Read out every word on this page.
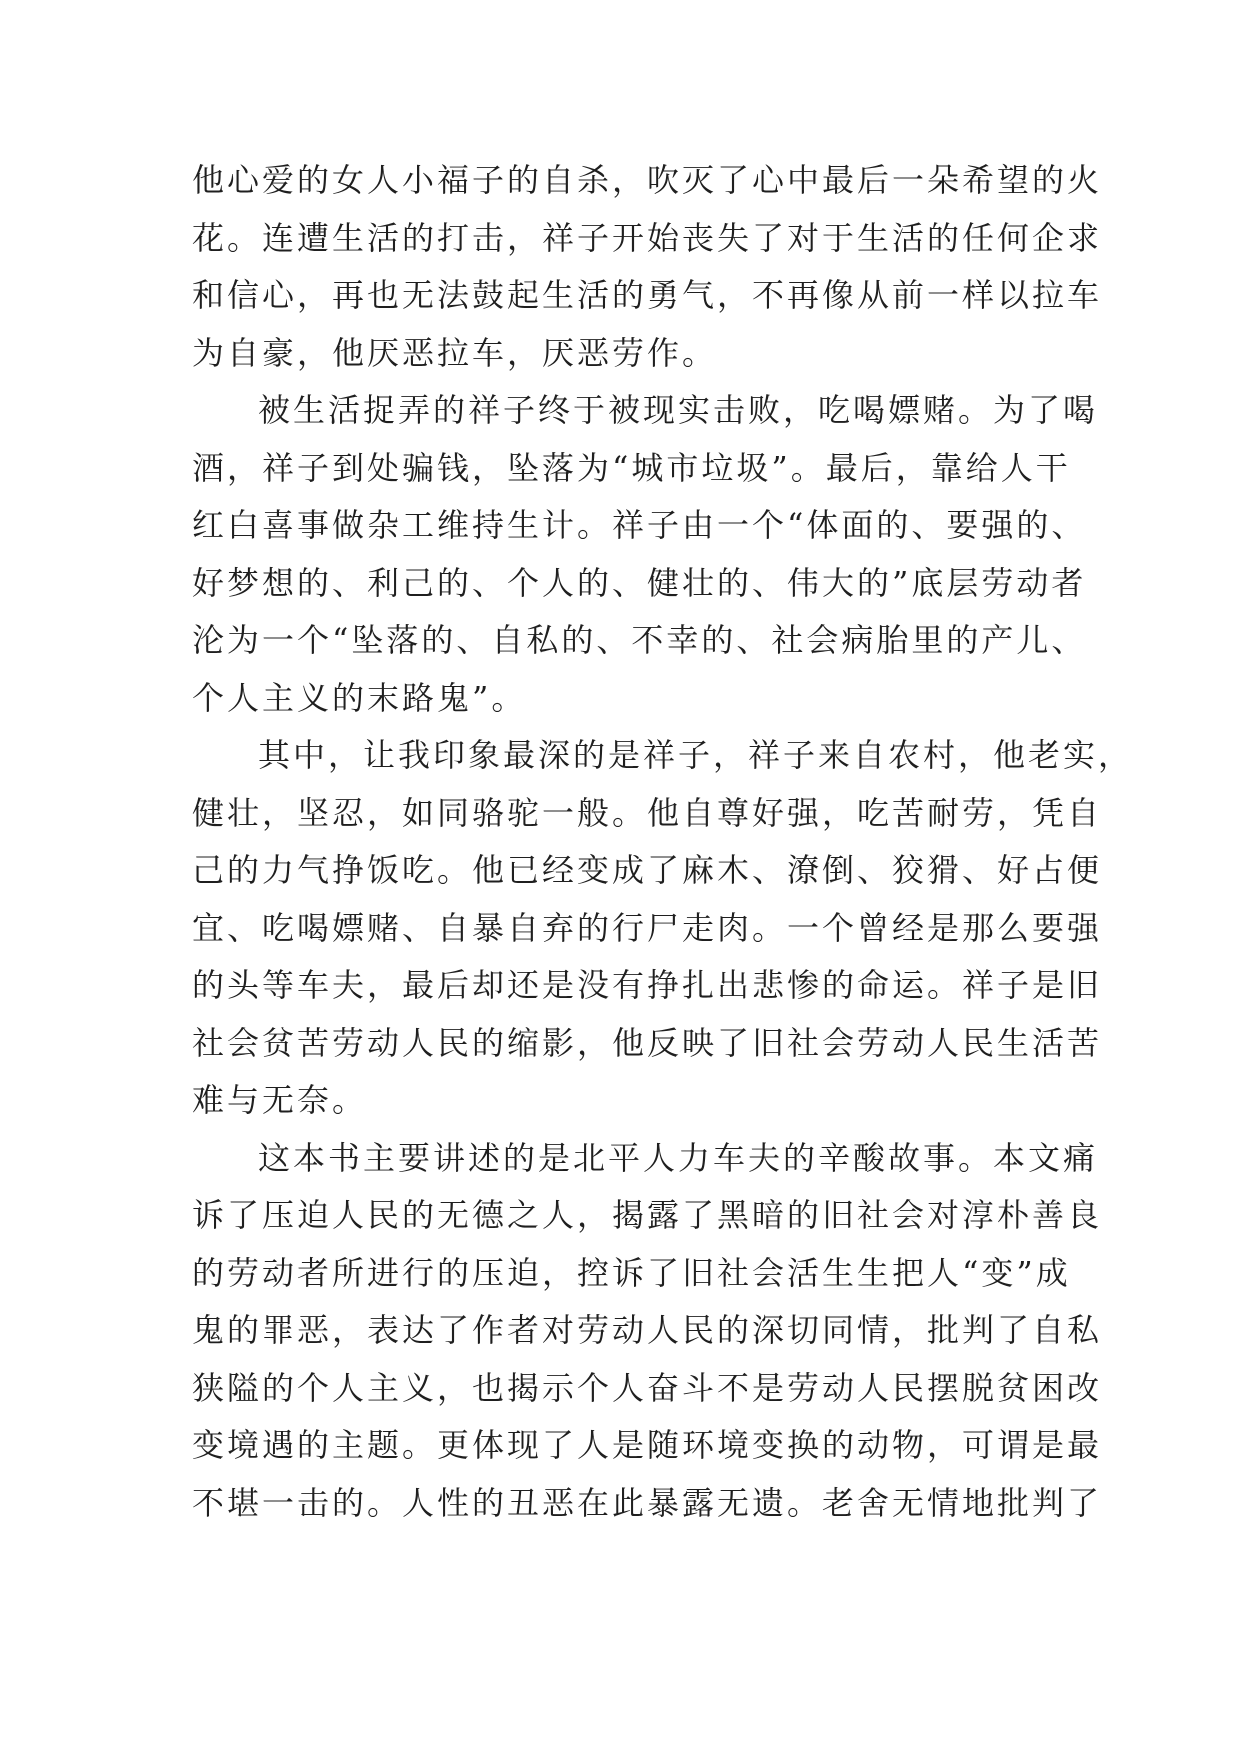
他心爱的女人小福子的自杀，吹灭了心中最后一朵希望的火
花。连遭生活的打击，祥子开始丧失了对于生活的任何企求
和信心，再也无法鼓起生活的勇气，不再像从前一样以拉车
为自豪，他厌恶拉车，厌恶劳作。
被生活捉弄的祥子终于被现实击败，吃喝嫖赌。为了喝
酒，祥子到处骗钱，坠落为“城市垃圾”。最后，靠给人干
红白喜事做杂工维持生计。祥子由一个“体面的、要强的、
好梦想的、利己的、个人的、健壮的、伟大的”底层劳动者
沦为一个“坠落的、自私的、不幸的、社会病胎里的产儿、
个人主义的末路鬼”。
其中，让我印象最深的是祥子，祥子来自农村，他老实，
健壮，坚忍，如同骆驼一般。他自尊好强，吃苦耐劳，凭自
己的力气挣饭吃。他已经变成了麻木、潦倒、狡猾、好占便
宜、吃喝嫖赌、自暴自弃的行尸走肉。一个曾经是那么要强
的头等车夫，最后却还是没有挣扎出悲惨的命运。祥子是旧
社会贫苦劳动人民的缩影，他反映了旧社会劳动人民生活苦
难与无奈。
这本书主要讲述的是北平人力车夫的辛酸故事。本文痛
诉了压迫人民的无德之人，揭露了黑暗的旧社会对淳朴善良
的劳动者所进行的压迫，控诉了旧社会活生生把人“变”成
鬼的罪恶，表达了作者对劳动人民的深切同情，批判了自私
狭隘的个人主义，也揭示个人奋斗不是劳动人民摆脱贫困改
变境遇的主题。更体现了人是随环境变换的动物，可谓是最
不堪一击的。人性的丑恶在此暴露无遗。老舍无情地批判了
